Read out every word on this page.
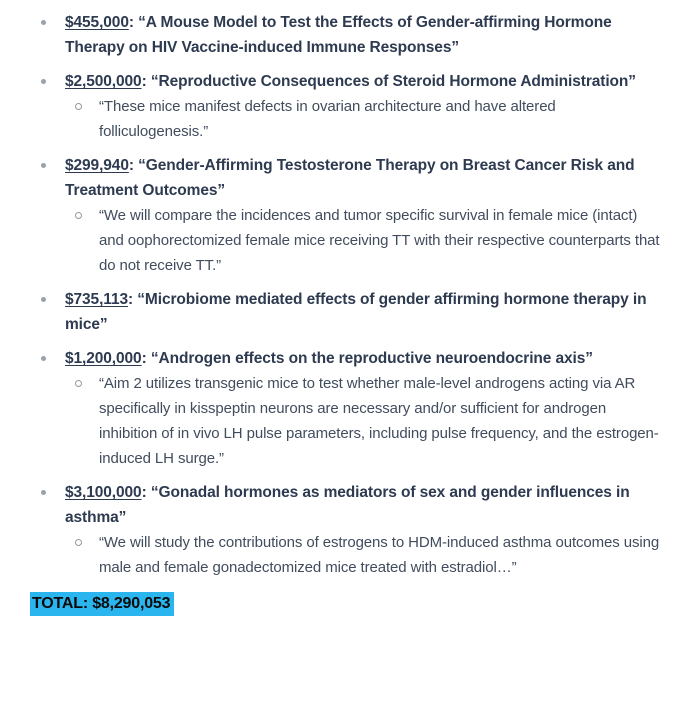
$455,000: “A Mouse Model to Test the Effects of Gender-affirming Hormone Therapy on HIV Vaccine-induced Immune Responses”
$2,500,000: “Reproductive Consequences of Steroid Hormone Administration”
“These mice manifest defects in ovarian architecture and have altered folliculogenesis.”
$299,940: “Gender-Affirming Testosterone Therapy on Breast Cancer Risk and Treatment Outcomes”
“We will compare the incidences and tumor specific survival in female mice (intact) and oophorectomized female mice receiving TT with their respective counterparts that do not receive TT.”
$735,113: “Microbiome mediated effects of gender affirming hormone therapy in mice”
$1,200,000: “Androgen effects on the reproductive neuroendocrine axis”
“Aim 2 utilizes transgenic mice to test whether male-level androgens acting via AR specifically in kisspeptin neurons are necessary and/or sufficient for androgen inhibition of in vivo LH pulse parameters, including pulse frequency, and the estrogen-induced LH surge.”
$3,100,000: “Gonadal hormones as mediators of sex and gender influences in asthma”
“We will study the contributions of estrogens to HDM-induced asthma outcomes using male and female gonadectomized mice treated with estradiol…”
TOTAL: $8,290,053
